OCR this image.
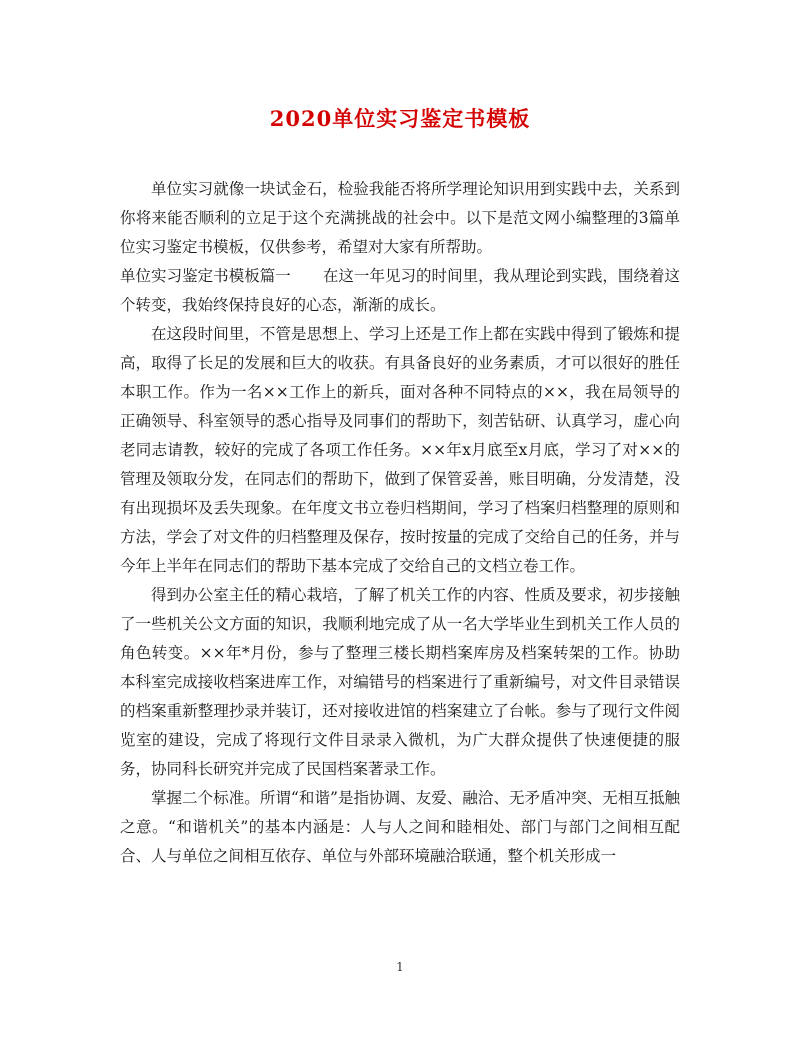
2020单位实习鉴定书模板

单位实习就像一块试金石，检验我能否将所学理论知识用到实践中去，关系到你将来能否顺利的立足于这个充满挑战的社会中。以下是范文网小编整理的3篇单位实习鉴定书模板，仅供参考，希望对大家有所帮助。

单位实习鉴定书模板篇一 在这一年见习的时间里，我从理论到实践，围绕着这个转变，我始终保持良好的心态，渐渐的成长。

在这段时间里，不管是思想上、学习上还是工作上都在实践中得到了锻炼和提高，取得了长足的发展和巨大的收获。有具备良好的业务素质，才可以很好的胜任本职工作。作为一名××工作上的新兵，面对各种不同特点的××，我在局领导的正确领导、科室领导的悉心指导及同事们的帮助下，刻苦钻研、认真学习，虚心向老同志请教，较好的完成了各项工作任务。××年x月底至x月底，学习了对××的管理及领取分发，在同志们的帮助下，做到了保管妥善，账目明确，分发清楚，没有出现损坏及丢失现象。在年度文书立卷归档期间，学习了档案归档整理的原则和方法，学会了对文件的归档整理及保存，按时按量的完成了交给自己的任务，并与今年上半年在同志们的帮助下基本完成了交给自己的文档立卷工作。

得到办公室主任的精心栽培，了解了机关工作的内容、性质及要求，初步接触了一些机关公文方面的知识，我顺利地完成了从一名大学毕业生到机关工作人员的角色转变。××年*月份，参与了整理三楼长期档案库房及档案转架的工作。协助本科室完成接收档案进库工作，对编错号的档案进行了重新编号，对文件目录错误的档案重新整理抄录并装订，还对接收进馆的档案建立了台帐。参与了现行文件阅览室的建设，完成了将现行文件目录录入微机，为广大群众提供了快速便捷的服务，协同科长研究并完成了民国档案著录工作。

掌握二个标准。所谓“和谐”是指协调、友爱、融洽、无矛盾冲突、无相互抵触之意。“和谐机关”的基本内涵是：人与人之间和睦相处、部门与部门之间相互配合、人与单位之间相互依存、单位与外部环境融洽联通，整个机关形成一

1
